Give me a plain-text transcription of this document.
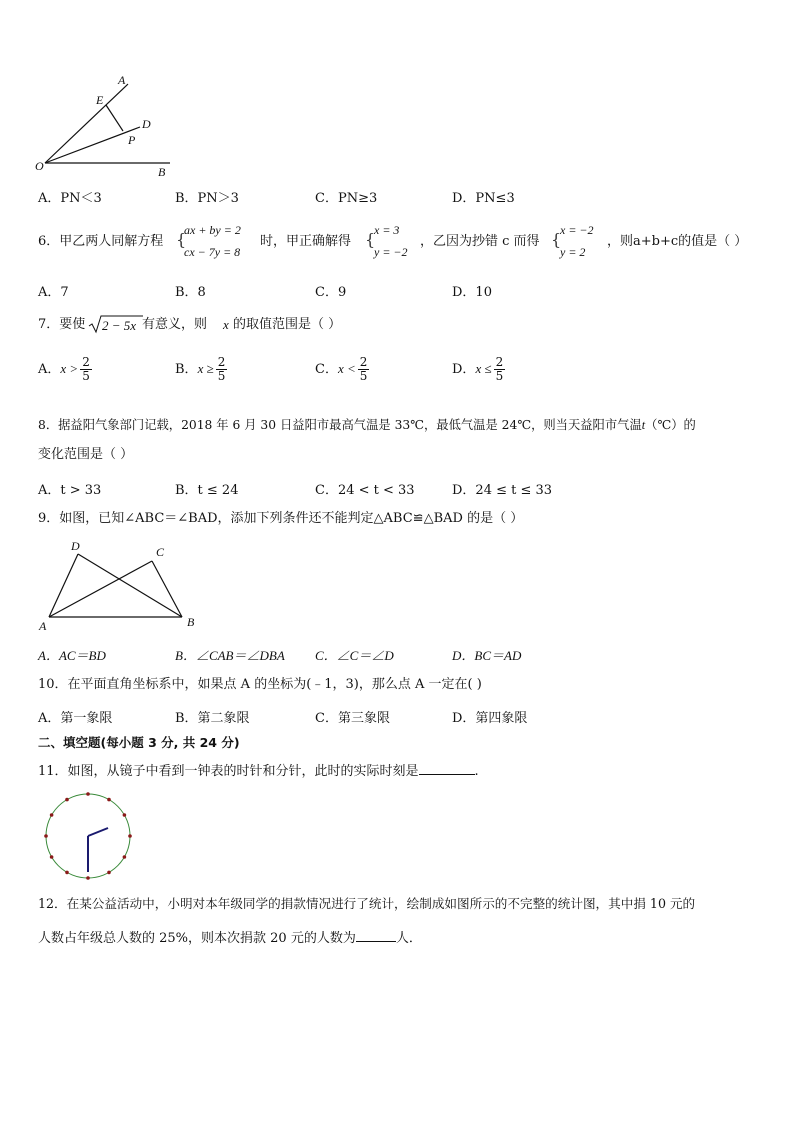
A
E
D
P
O	B
A．PN＜3	B．PN＞3	C．PN≥3	D．PN≤3
6．甲乙两人同解方程 {
ax + by = 2
cx − 7y = 8
时，甲正确解得 {
x = 3
y = −2
，乙因为抄错 c 而得 {
x = −2
y = 2
，则a+b+c的值是（ ）
A．7	B．8	C．9	D．10
7．要使 2 − 5x 有意义，则 x 的取值范围是（ ）
A．$x > \frac{2}{5}$	B．$x \ge \frac{2}{5}$	C．$x < \frac{2}{5}$	D．$x \le \frac{2}{5}$
8．据益阳气象部门记载，2018 年 6 月 30 日益阳市最高气温是 33℃，最低气温是 24℃，则当天益阳市气温t（℃）的
变化范围是（ ）
A．t > 33	B．t ≤ 24	C．24 < t < 33	D．24 ≤ t ≤ 33
9．如图，已知∠ABC＝∠BAD，添加下列条件还不能判定△ABC≌△BAD 的是（ ）
D	C
A	B
A．AC＝BD	B．∠CAB＝∠DBA C．∠C＝∠D	D．BC＝AD
10．在平面直角坐标系中，如果点 A 的坐标为(﹣1，3)，那么点 A 一定在( )
A．第一象限	B．第二象限	C．第三象限	D．第四象限
二、填空题(每小题 3 分, 共 24 分)
11．如图，从镜子中看到一钟表的时针和分针，此时的实际时刻是	.
12．在某公益活动中，小明对本年级同学的捐款情况进行了统计，绘制成如图所示的不完整的统计图，其中捐 10 元的
人数占年级总人数的 25%，则本次捐款 20 元的人数为	人．
